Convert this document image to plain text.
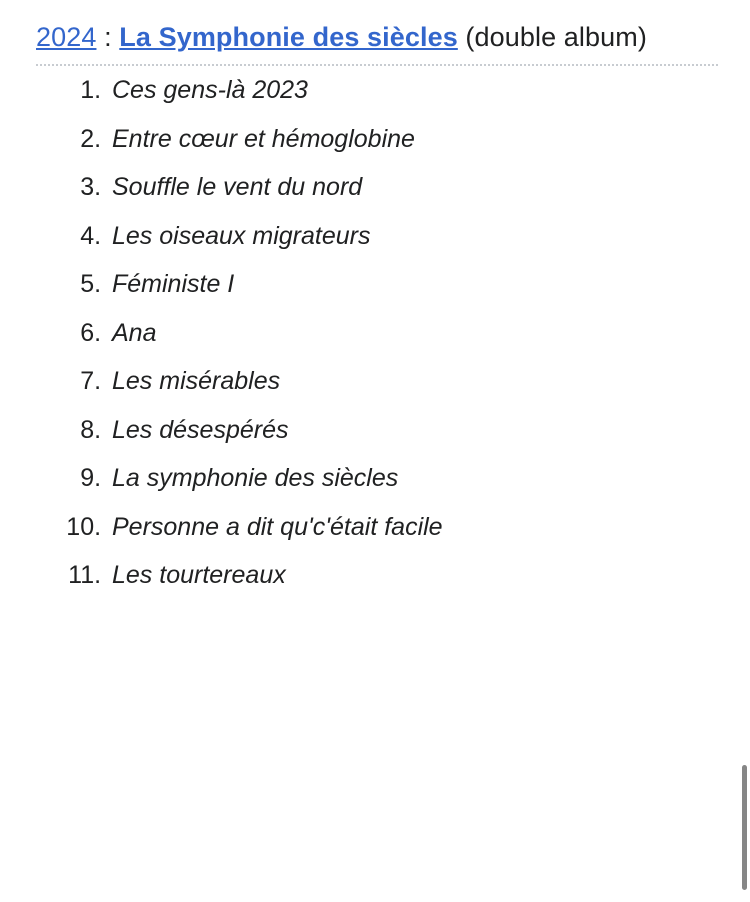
2024 : La Symphonie des siècles (double album)
1. Ces gens-là 2023
2. Entre cœur et hémoglobine
3. Souffle le vent du nord
4. Les oiseaux migrateurs
5. Féministe I
6. Ana
7. Les misérables
8. Les désespérés
9. La symphonie des siècles
10. Personne a dit qu'c'était facile
11. Les tourtereaux
